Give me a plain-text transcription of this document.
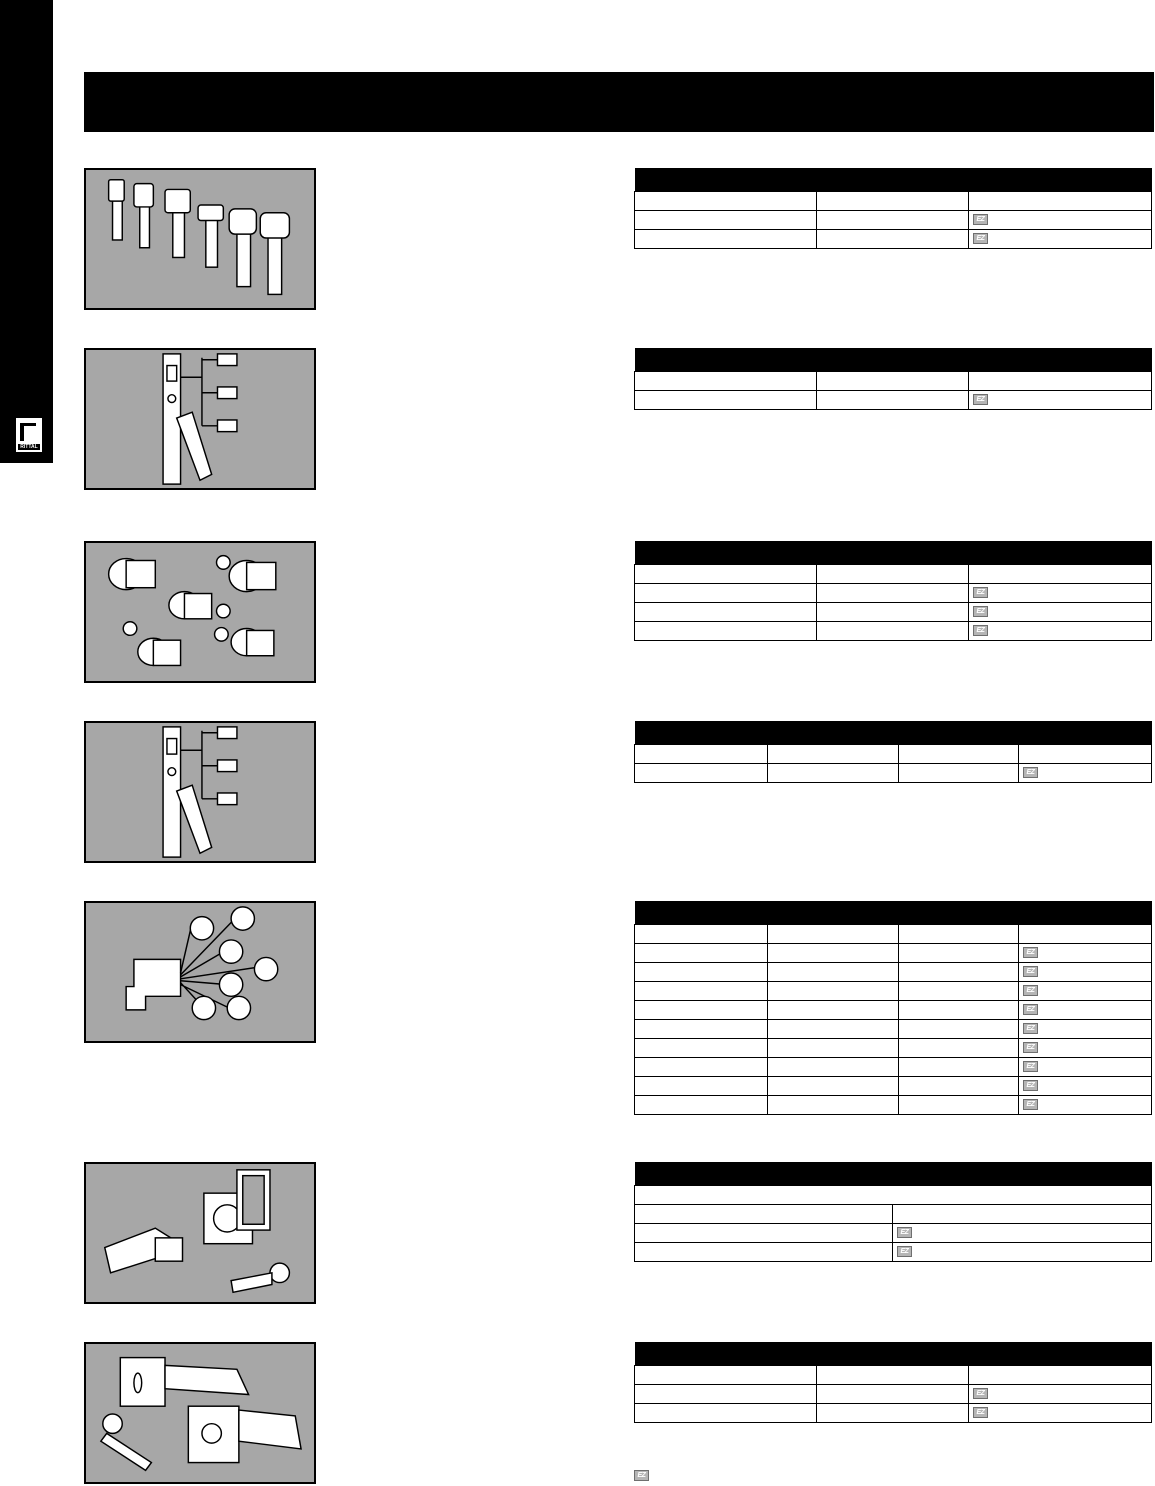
RITTAL

		EZ
		EZ

		EZ

		EZ
		EZ
		EZ

			EZ

			EZ
			EZ
			EZ
			EZ
			EZ
			EZ
			EZ
			EZ
			EZ

	EZ
	EZ

		EZ
		EZ
EZ
